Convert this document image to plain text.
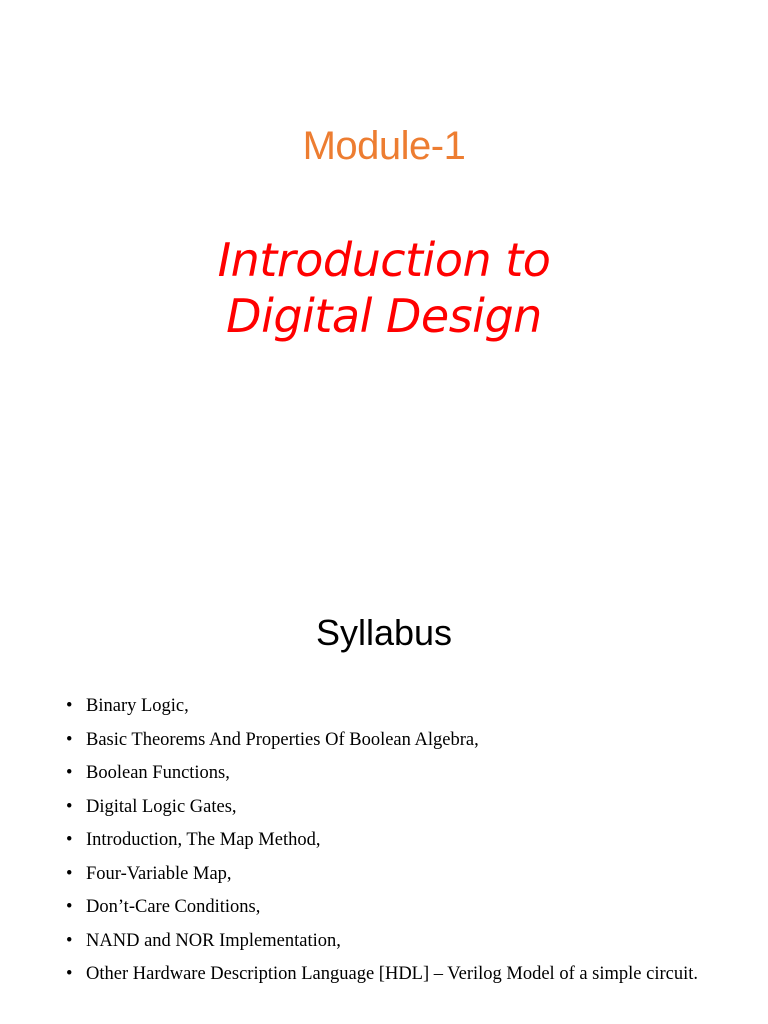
Module-1
Introduction to
Digital Design
Syllabus
• Binary Logic,
• Basic Theorems And Properties Of Boolean Algebra,
• Boolean Functions,
• Digital Logic Gates,
• Introduction, The Map Method,
• Four-Variable Map,
• Don’t-Care Conditions,
• NAND and NOR Implementation,
• Other Hardware Description Language [HDL] – Verilog Model of a simple circuit.
